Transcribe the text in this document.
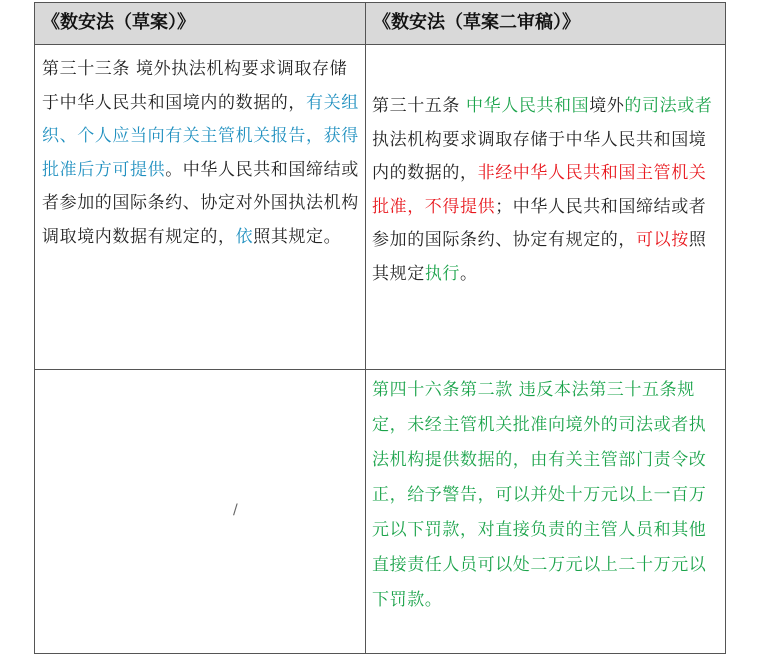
《数安法（草案）》	《数安法（草案二审稿）》
第三十三条 境外执法机构要求调取存储于中华人民共和国境内的数据的，有关组织、个人应当向有关主管机关报告，获得批准后方可提供。中华人民共和国缔结或者参加的国际条约、协定对外国执法机构调取境内数据有规定的，依照其规定。
第三十五条 中华人民共和国境外的司法或者执法机构要求调取存储于中华人民共和国境内的数据的，非经中华人民共和国主管机关批准，不得提供；中华人民共和国缔结或者参加的国际条约、协定有规定的，可以按照其规定执行。
/
第四十六条第二款 违反本法第三十五条规定，未经主管机关批准向境外的司法或者执法机构提供数据的，由有关主管部门责令改正，给予警告，可以并处十万元以上一百万元以下罚款，对直接负责的主管人员和其他直接责任人员可以处二万元以上二十万元以下罚款。
